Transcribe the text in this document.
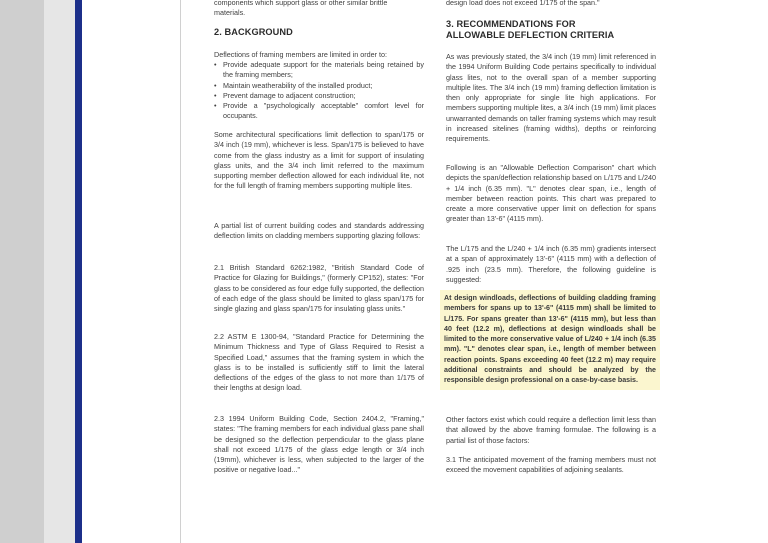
components which support glass or other similar brittle
materials.

2. BACKGROUND

Deflections of framing members are limited in order to:

• Provide adequate support for the materials being retained by the framing members;
• Maintain weatherability of the installed product;
• Prevent damage to adjacent construction;
• Provide a "psychologically acceptable" comfort level for occupants.

Some architectural specifications limit deflection to span/175 or 3/4 inch (19 mm), whichever is less. Span/175 is believed to have come from the glass industry as a limit for support of insulating glass units, and the 3/4 inch limit referred to the maximum supporting member deflection allowed for each individual lite, not for the full length of framing members supporting multiple lites.

A partial list of current building codes and standards addressing deflection limits on cladding members supporting glazing follows:

2.1 British Standard 6262:1982, "British Standard Code of Practice for Glazing for Buildings," (formerly CP152), states: "For glass to be considered as four edge fully supported, the deflection of each edge of the glass should be limited to glass span/175 for single glazing and glass span/175 for insulating glass units."

2.2 ASTM E 1300-94, "Standard Practice for Determining the Minimum Thickness and Type of Glass Required to Resist a Specified Load," assumes that the framing system in which the glass is to be installed is sufficiently stiff to limit the lateral deflections of the edges of the glass to not more than 1/175 of their lengths at design load.

2.3 1994 Uniform Building Code, Section 2404.2, "Framing," states: "The framing members for each individual glass pane shall be designed so the deflection perpendicular to the glass plane shall not exceed 1/175 of the glass edge length or 3/4 inch (19mm), whichever is less, when subjected to the larger of the positive or negative load..."

design load does not exceed 1/175 of the span."

3. RECOMMENDATIONS FOR
ALLOWABLE DEFLECTION CRITERIA

As was previously stated, the 3/4 inch (19 mm) limit referenced in the 1994 Uniform Building Code pertains specifically to individual glass lites, not to the overall span of a member supporting multiple lites. The 3/4 inch (19 mm) framing deflection limitation is then only appropriate for single lite high applications. For members supporting multiple lites, a 3/4 inch (19 mm) limit places unwarranted demands on taller framing systems which may result in increased sitelines (framing widths), depths or reinforcing requirements.

Following is an "Allowable Deflection Comparison" chart which depicts the span/deflection relationship based on L/175 and L/240 + 1/4 inch (6.35 mm). "L" denotes clear span, i.e., length of member between reaction points. This chart was prepared to create a more conservative upper limit on deflection for spans greater than 13'-6" (4115 mm).

The L/175 and the L/240 + 1/4 inch (6.35 mm) gradients intersect at a span of approximately 13'-6" (4115 mm) with a deflection of .925 inch (23.5 mm). Therefore, the following guideline is suggested:

At design windloads, deflections of building cladding framing members for spans up to 13'-6" (4115 mm) shall be limited to L/175. For spans greater than 13'-6" (4115 mm), but less than 40 feet (12.2 m), deflections at design windloads shall be limited to the more conservative value of L/240 + 1/4 inch (6.35 mm). "L" denotes clear span, i.e., length of member between reaction points. Spans exceeding 40 feet (12.2 m) may require additional constraints and should be analyzed by the responsible design professional on a case-by-case basis.

Other factors exist which could require a deflection limit less than that allowed by the above framing formulae. The following is a partial list of those factors:

3.1 The anticipated movement of the framing members must not exceed the movement capabilities of adjoining sealants.
